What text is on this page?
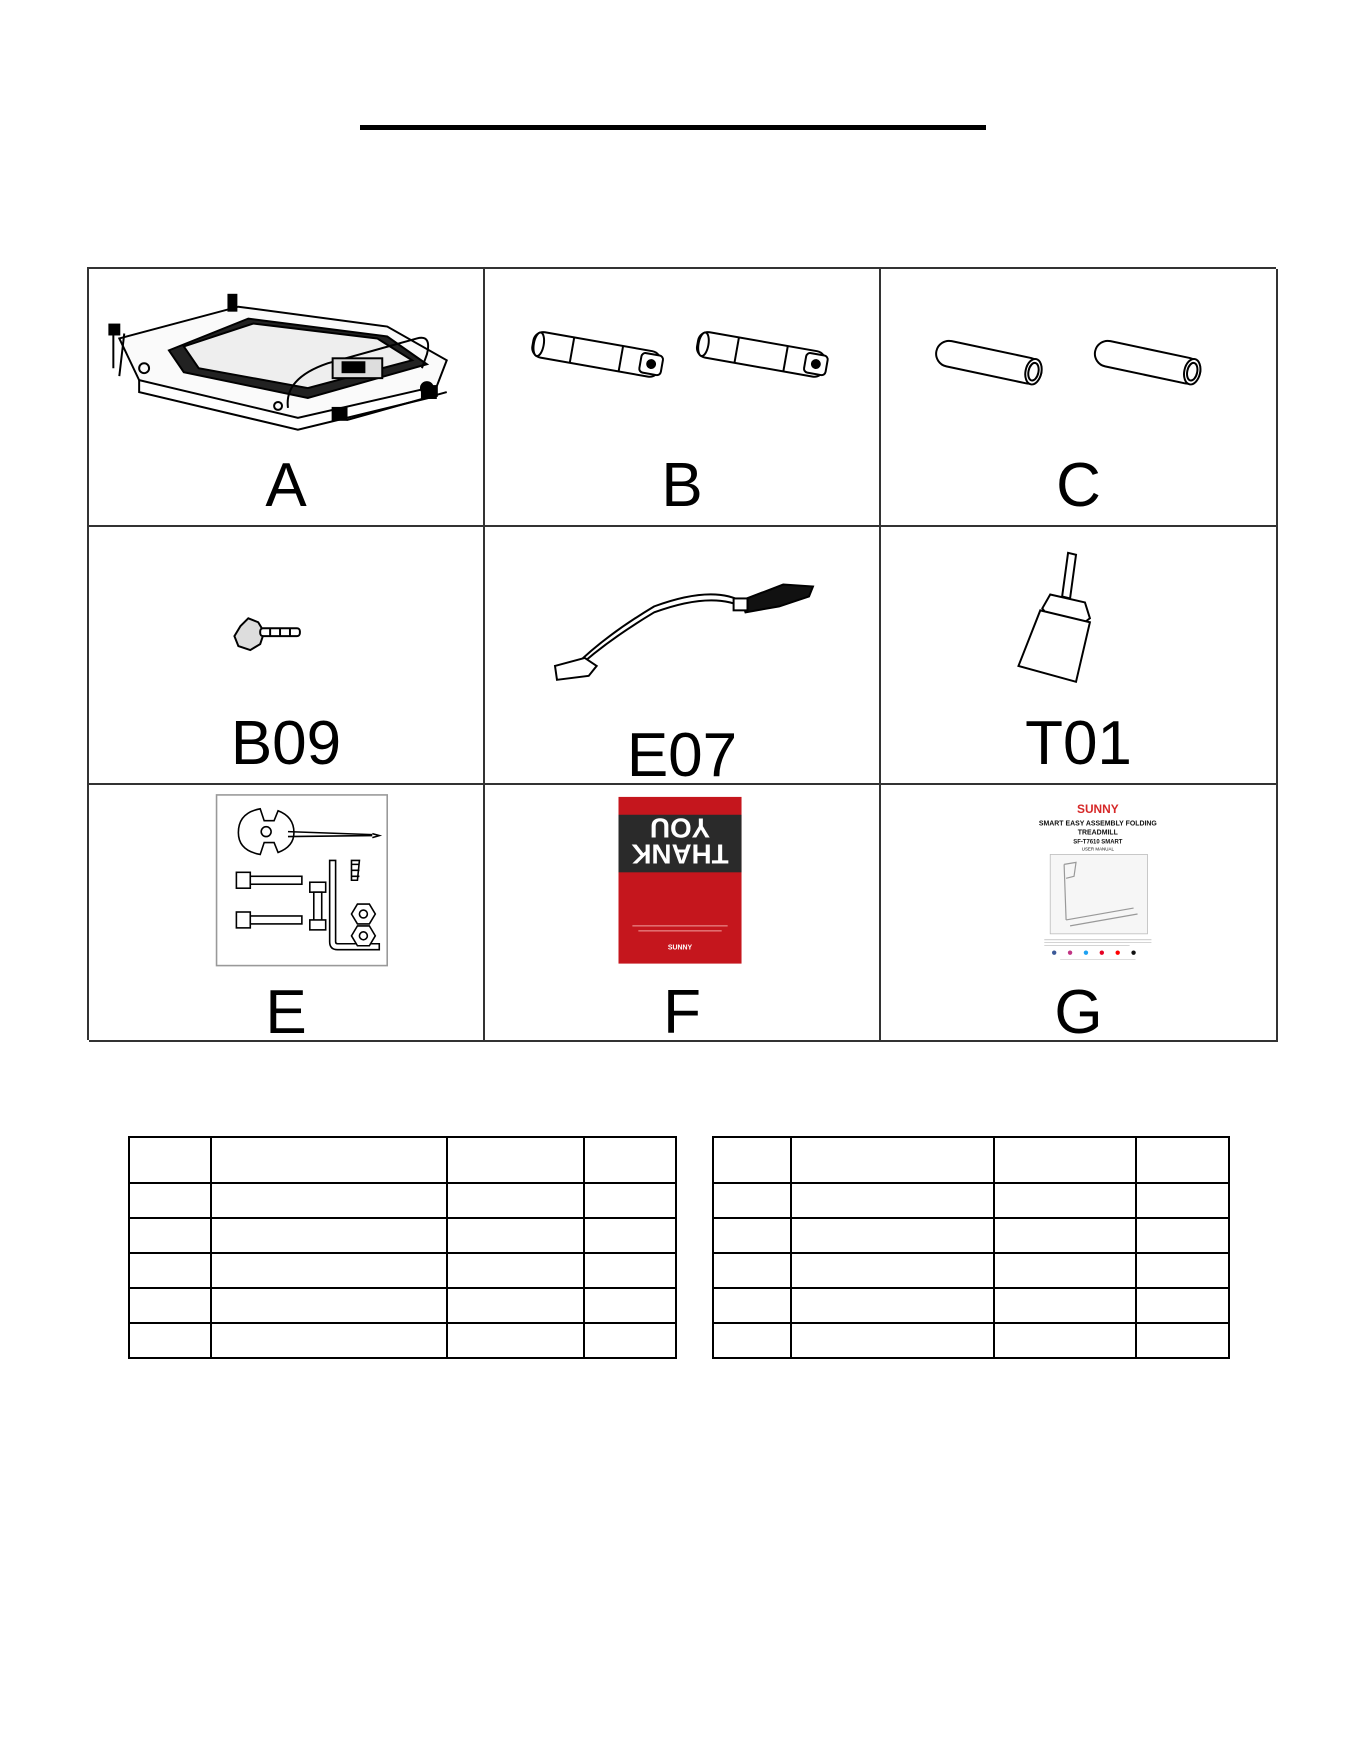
A	B	C
B09	E07	T01
E
THANK
YOU
SUNNY
F
SUNNY
SMART EASY ASSEMBLY FOLDING
TREADMILL
SF-T7610 SMART
USER MANUAL
G
